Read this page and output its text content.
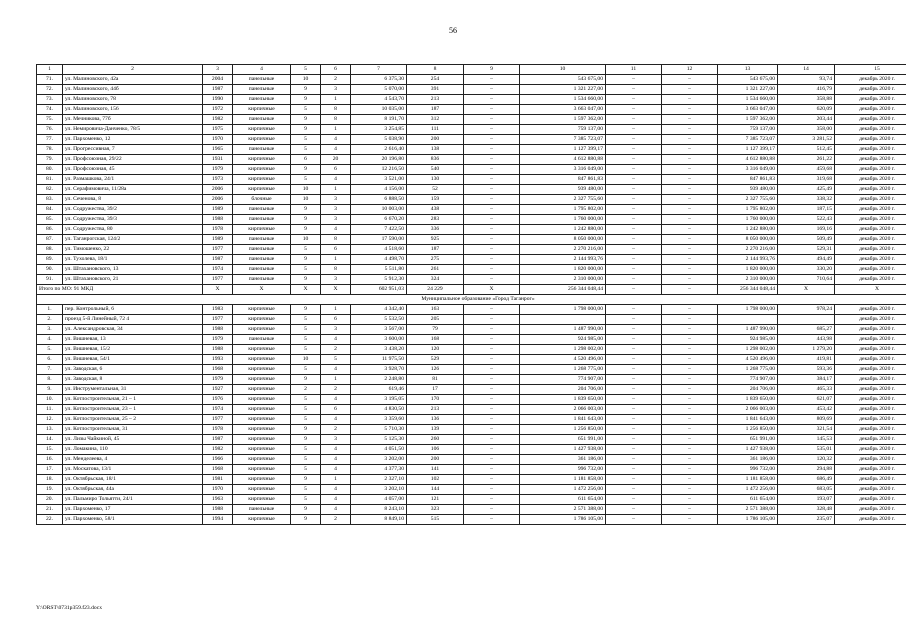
56
1	2	3	4	5	6	7	8	9	10	11	12	13	14	15
71.	ул. Малиновского, 42а	2004	панельные	10	2	6 375,30	254	–	543 675,00	–	–	543 675,00	93,74	декабрь 2020 г.
72.	ул. Малиновского, 44б	1987	панельные	9	3	5 070,00	391	–	1 321 227,00	–	–	1 321 227,00	416,79	декабрь 2020 г.
73.	ул. Малиновского, 78	1990	панельные	9	1	4 543,70	213	–	1 534 660,00	–	–	1 534 660,00	358,88	декабрь 2020 г.
74.	ул. Малиновского, 156	1972	кирпичные	5	8	10 035,00	187	–	3 663 047,00	–	–	3 663 047,00	620,09	декабрь 2020 г.
75.	ул. Мечникова, 77б	1982	панельные	9	8	8 191,70	312	–	1 597 362,00	–	–	1 597 362,00	203,44	декабрь 2020 г.
76.	ул. Немировича-Данченко, 78/5	1975	кирпичные	9	1	3 254,85	111	–	759 137,00	–	–	759 137,00	358,00	декабрь 2020 г.
77.	ул. Пархоменко, 12	1970	кирпичные	5	4	5 038,90	200	–	7 385 723,07	–	–	7 385 723,07	3 281,52	декабрь 2020 г.
78.	ул. Прогрессивная, 7	1965	панельные	5	4	2 616,40	138	–	1 127 399,17	–	–	1 127 399,17	512,45	декабрь 2020 г.
79.	ул. Профсоюзная, 29/22	1931	кирпичные	6	20	20 196,80	836	–	4 612 880,88	–	–	4 612 880,88	261,22	декабрь 2020 г.
80.	ул. Профсоюзная, 45	1979	кирпичные	9	6	12 216,50	540	–	3 316 049,00	–	–	3 316 049,00	459,68	декабрь 2020 г.
81.	ул. Размашкова, 24/1	1973	кирпичные	5	4	3 521,00	130	–	847 861,83	–	–	847 861,83	319,68	декабрь 2020 г.
82.	ул. Серафимовича, 11/28а	2006	кирпичные	10	1	4 156,00	52	–	939 480,00	–	–	939 480,00	425,49	декабрь 2020 г.
83.	ул. Сеченова, 8	2006	блочные	10	3	6 888,50	159	–	2 327 755,60	–	–	2 327 755,60	338,32	декабрь 2020 г.
84.	ул. Содружества, 39/2	1989	панельные	9	3	10 003,00	438	–	1 795 802,00	–	–	1 795 802,00	187,15	декабрь 2020 г.
85.	ул. Содружества, 39/3	1988	панельные	9	3	6 670,20	283	–	1 760 000,00	–	–	1 760 000,00	522,43	декабрь 2020 г.
86.	ул. Содружества, 80	1978	кирпичные	9	4	7 422,50	336	–	1 242 880,00	–	–	1 242 880,00	169,16	декабрь 2020 г.
87.	ул. Таганрогская, 124/2	1989	панельные	10	8	17 590,00	925	–	8 050 000,00	–	–	8 050 000,00	509,49	декабрь 2020 г.
88.	ул. Тимошенко, 22	1977	панельные	5	6	4 518,60	187	–	2 270 216,00	–	–	2 270 216,00	529,31	декабрь 2020 г.
89.	ул. Тухолева, 18/1	1987	панельные	9	1	4 498,70	275	–	2 144 993,76	–	–	2 144 993,76	494,49	декабрь 2020 г.
90.	ул. Штахановского, 13	1974	панельные	5	8	5 511,80	261	–	1 820 000,00	–	–	1 820 000,00	330,20	декабрь 2020 г.
91.	ул. Штахановского, 21	1977	панельные	9	3	5 912,30	324	–	2 310 000,00	–	–	2 310 000,00	710,64	декабрь 2020 г.
Итого по МО: 91 МКД		X	X	X	X	602 951,03	24 229	X	256 344 048,44	–	–	256 344 048,44	X	X
Муниципальное образование «Город Таганрог»														
1.	пер. Контрольный, 6	1983	кирпичные	9	1	4 342,40	163	–	1 798 000,00	–	–	1 798 000,00	978,24	декабрь 2020 г.
2.	проезд 5-й Линейный, 72 4	1977	кирпичные	5	6	5 532,50	205	–		–	–			декабрь 2020 г.
3.	ул. Александровская, 34	1988	кирпичные	5	3	3 567,00	79	–	1 487 990,00	–	–	1 487 990,00	685,27	декабрь 2020 г.
4.	ул. Вишневая, 13	1979	панельные	5	4	3 600,00	168	–	924 985,00	–	–	924 985,00	443,98	декабрь 2020 г.
5.	ул. Вишневая, 15/2	1988	кирпичные	5	2	3 438,20	120	–	1 298 002,00	–	–	1 298 002,00	1 279,20	декабрь 2020 г.
6.	ул. Вишневая, 54/1	1993	кирпичные	10	5	11 975,50	529	–	4 520 496,00	–	–	4 520 496,00	419,81	декабрь 2020 г.
7.	ул. Заводская, 6	1968	кирпичные	5	4	3 928,70	126	–	1 268 775,00	–	–	1 268 775,00	593,36	декабрь 2020 г.
8.	ул. Заводская, 8	1979	кирпичные	9	1	2 248,80	81	–	774 907,00	–	–	774 907,00	384,17	декабрь 2020 г.
9.	ул. Инструментальная, 31	1927	кирпичные	2	2	619,46	17	–	204 706,00	–	–	204 706,00	465,33	декабрь 2020 г.
10.	ул. Котлостроительная, 21 – 1	1976	кирпичные	5	4	3 195,05	170	–	1 839 650,00	–	–	1 839 650,00	621,07	декабрь 2020 г.
11.	ул. Котлостроительная, 23 – 1	1974	кирпичные	5	6	4 830,50	213	–	2 066 003,00	–	–	2 066 003,00	453,42	декабрь 2020 г.
12.	ул. Котлостроительная, 25 – 2	1977	кирпичные	5	4	3 359,60	136	–	1 841 643,00	–	–	1 841 643,00	809,69	декабрь 2020 г.
13.	ул. Котлостроительная, 31	1978	кирпичные	9	2	5 710,30	139	–	1 256 850,00	–	–	1 256 850,00	321,54	декабрь 2020 г.
14.	ул. Лизы Чайкиной, 45	1987	кирпичные	9	3	5 125,30	260	–	651 991,00	–	–	651 991,00	145,53	декабрь 2020 г.
15.	ул. Ломакина, 110	1982	кирпичные	5	4	4 051,50	106	–	1 427 938,00	–	–	1 427 938,00	535,01	декабрь 2020 г.
16.	ул. Менделеева, 4	1966	кирпичные	5	4	3 202,00	200	–	361 186,00	–	–	361 186,00	120,32	декабрь 2020 г.
17.	ул. Москатова, 13/1	1968	кирпичные	5	4	4 377,30	141	–	996 732,00	–	–	996 732,00	294,88	декабрь 2020 г.
18.	ул. Октябрьская, 18/1	1981	кирпичные	9	1	2 327,10	102	–	1 181 858,00	–	–	1 181 858,00	686,49	декабрь 2020 г.
19.	ул. Октябрьская, 44а	1970	кирпичные	5	4	3 202,10	144	–	1 472 256,00	–	–	1 472 256,00	683,05	декабрь 2020 г.
20.	ул. Пальмиро Тольятти, 24/1	1963	кирпичные	5	4	4 057,00	121	–	611 654,00	–	–	611 654,00	193,07	декабрь 2020 г.
21.	ул. Пархоменко, 17	1988	панельные	9	4	8 243,10	323	–	2 571 388,00	–	–	2 571 388,00	328,48	декабрь 2020 г.
22.	ул. Пархоменко, 58/1	1994	кирпичные	9	2	8 849,10	515	–	1 786 105,00	–	–	1 786 105,00	235,07	декабрь 2020 г.
Y:\ORST\0731p359.f23.docx
